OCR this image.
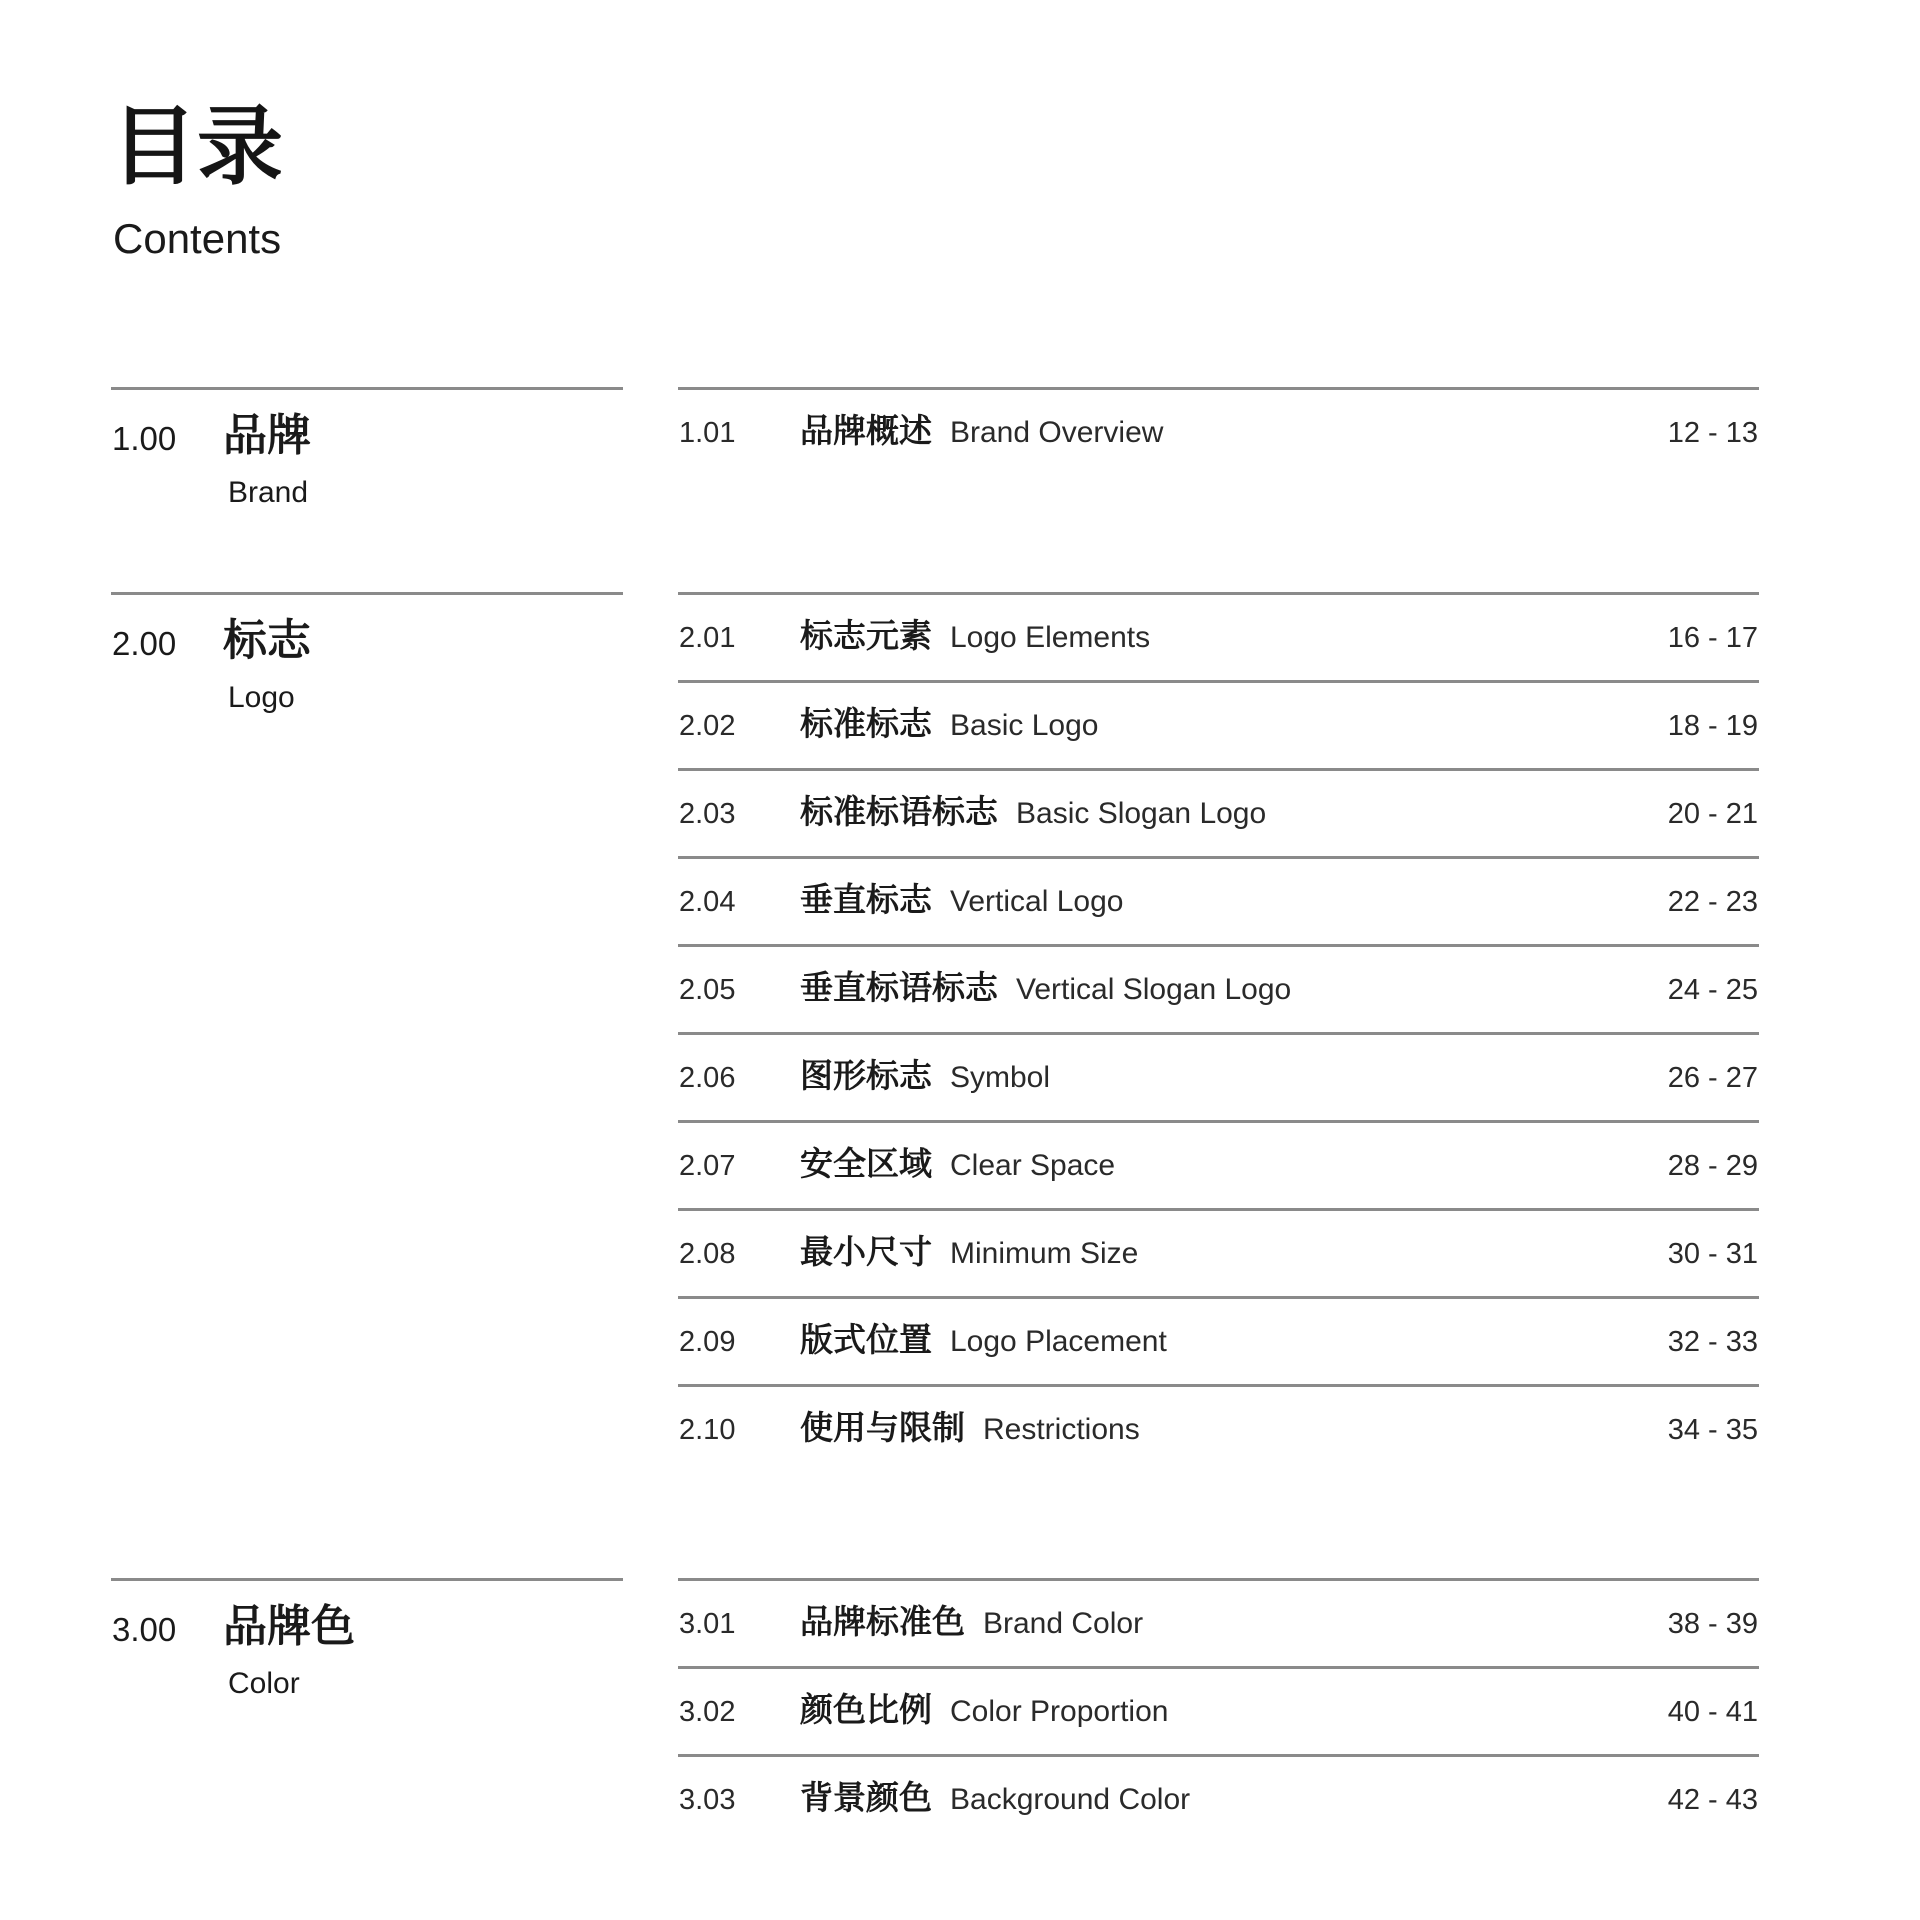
目录
Contents
1.00 品牌
Brand
1.01 品牌概述 Brand Overview	12 - 13
2.00 标志
Logo
2.01 标志元素 Logo Elements	16 - 17
2.02 标准标志 Basic Logo	18 - 19
2.03 标准标语标志 Basic Slogan Logo	20 - 21
2.04 垂直标志 Vertical Logo	22 - 23
2.05 垂直标语标志 Vertical Slogan Logo	24 - 25
2.06 图形标志 Symbol	26 - 27
2.07 安全区域 Clear Space	28 - 29
2.08 最小尺寸 Minimum Size	30 - 31
2.09 版式位置 Logo Placement	32 - 33
2.10 使用与限制 Restrictions	34 - 35
3.00 品牌色
Color
3.01 品牌标准色 Brand Color	38 - 39
3.02 颜色比例 Color Proportion	40 - 41
3.03 背景颜色 Background Color	42 - 43
